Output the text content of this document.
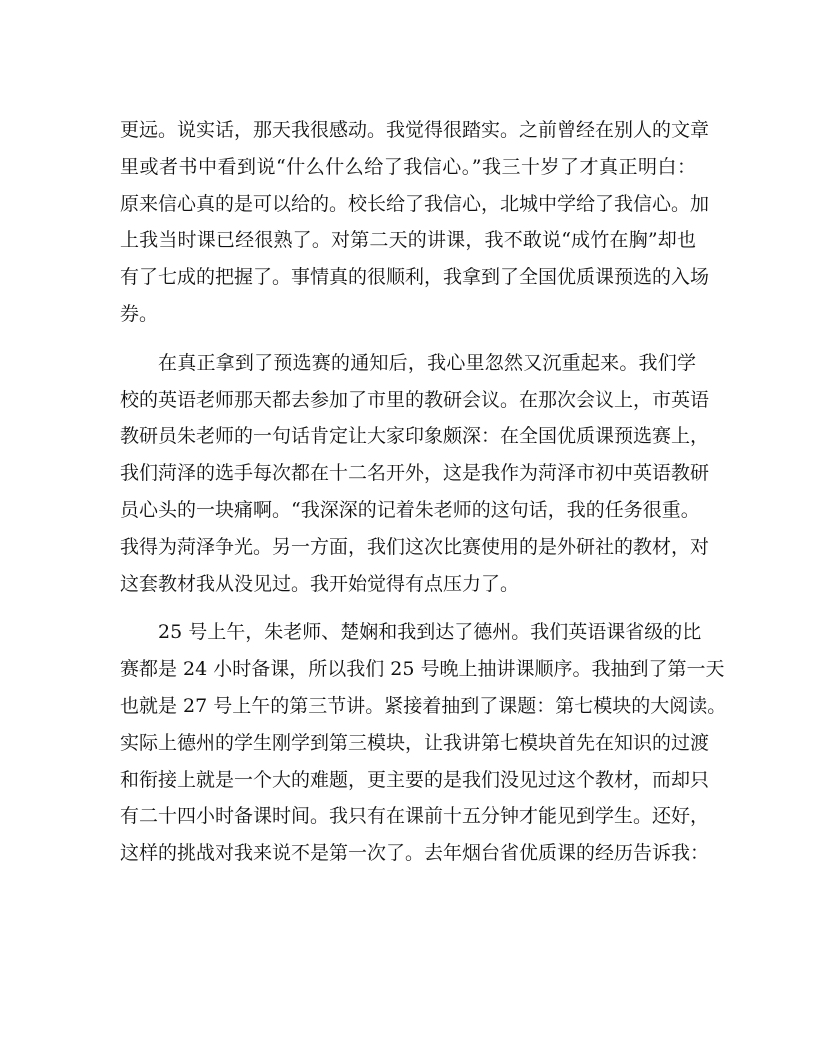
更远。说实话，那天我很感动。我觉得很踏实。之前曾经在别人的文章
里或者书中看到说“什么什么给了我信心。”我三十岁了才真正明白：
原来信心真的是可以给的。校长给了我信心，北城中学给了我信心。加
上我当时课已经很熟了。对第二天的讲课，我不敢说“成竹在胸”却也
有了七成的把握了。事情真的很顺利，我拿到了全国优质课预选的入场
券。
在真正拿到了预选赛的通知后，我心里忽然又沉重起来。我们学
校的英语老师那天都去参加了市里的教研会议。在那次会议上，市英语
教研员朱老师的一句话肯定让大家印象颇深：在全国优质课预选赛上，
我们菏泽的选手每次都在十二名开外，这是我作为菏泽市初中英语教研
员心头的一块痛啊。“我深深的记着朱老师的这句话，我的任务很重。
我得为菏泽争光。另一方面，我们这次比赛使用的是外研社的教材，对
这套教材我从没见过。我开始觉得有点压力了。
25 号上午，朱老师、楚娴和我到达了德州。我们英语课省级的比
赛都是 24 小时备课，所以我们 25 号晚上抽讲课顺序。我抽到了第一天
也就是 27 号上午的第三节讲。紧接着抽到了课题：第七模块的大阅读。
实际上德州的学生刚学到第三模块，让我讲第七模块首先在知识的过渡
和衔接上就是一个大的难题，更主要的是我们没见过这个教材，而却只
有二十四小时备课时间。我只有在课前十五分钟才能见到学生。还好，
这样的挑战对我来说不是第一次了。去年烟台省优质课的经历告诉我：
